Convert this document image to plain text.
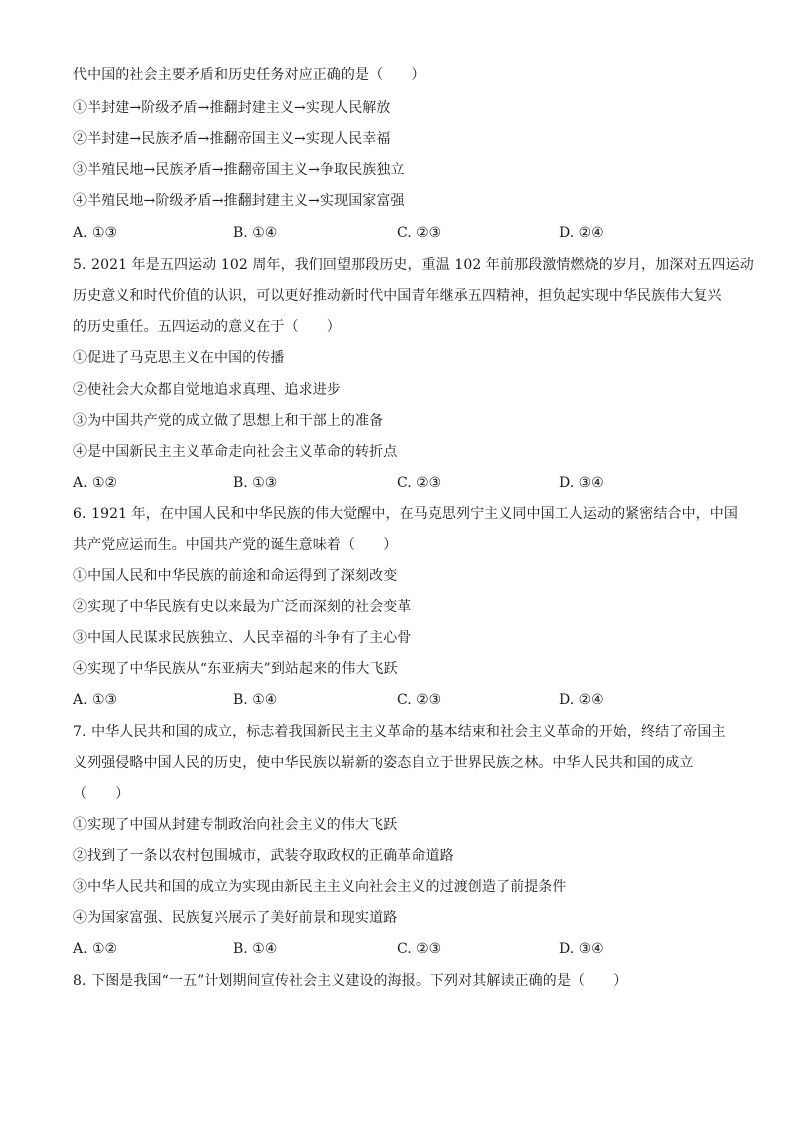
代中国的社会主要矛盾和历史任务对应正确的是（　　）
①半封建→阶级矛盾→推翻封建主义→实现人民解放
②半封建→民族矛盾→推翻帝国主义→实现人民幸福
③半殖民地→民族矛盾→推翻帝国主义→争取民族独立
④半殖民地→阶级矛盾→推翻封建主义→实现国家富强
A. ①③	B. ①④	C. ②③	D. ②④
5. 2021 年是五四运动 102 周年，我们回望那段历史，重温 102 年前那段激情燃烧的岁月，加深对五四运动
历史意义和时代价值的认识，可以更好推动新时代中国青年继承五四精神，担负起实现中华民族伟大复兴
的历史重任。五四运动的意义在于（　　）
①促进了马克思主义在中国的传播
②使社会大众都自觉地追求真理、追求进步
③为中国共产党的成立做了思想上和干部上的准备
④是中国新民主主义革命走向社会主义革命的转折点
A. ①②	B. ①③	C. ②③	D. ③④
6. 1921 年，在中国人民和中华民族的伟大觉醒中，在马克思列宁主义同中国工人运动的紧密结合中，中国
共产党应运而生。中国共产党的诞生意味着（　　）
①中国人民和中华民族的前途和命运得到了深刻改变
②实现了中华民族有史以来最为广泛而深刻的社会变革
③中国人民谋求民族独立、人民幸福的斗争有了主心骨
④实现了中华民族从“东亚病夫”到站起来的伟大飞跃
A. ①③	B. ①④	C. ②③	D. ②④
7. 中华人民共和国的成立，标志着我国新民主主义革命的基本结束和社会主义革命的开始，终结了帝国主
义列强侵略中国人民的历史，使中华民族以崭新的姿态自立于世界民族之林。中华人民共和国的成立
（　　）
①实现了中国从封建专制政治向社会主义的伟大飞跃
②找到了一条以农村包围城市，武装夺取政权的正确革命道路
③中华人民共和国的成立为实现由新民主主义向社会主义的过渡创造了前提条件
④为国家富强、民族复兴展示了美好前景和现实道路
A. ①②	B. ①④	C. ②③	D. ③④
8. 下图是我国“一五”计划期间宣传社会主义建设的海报。下列对其解读正确的是（　　）
